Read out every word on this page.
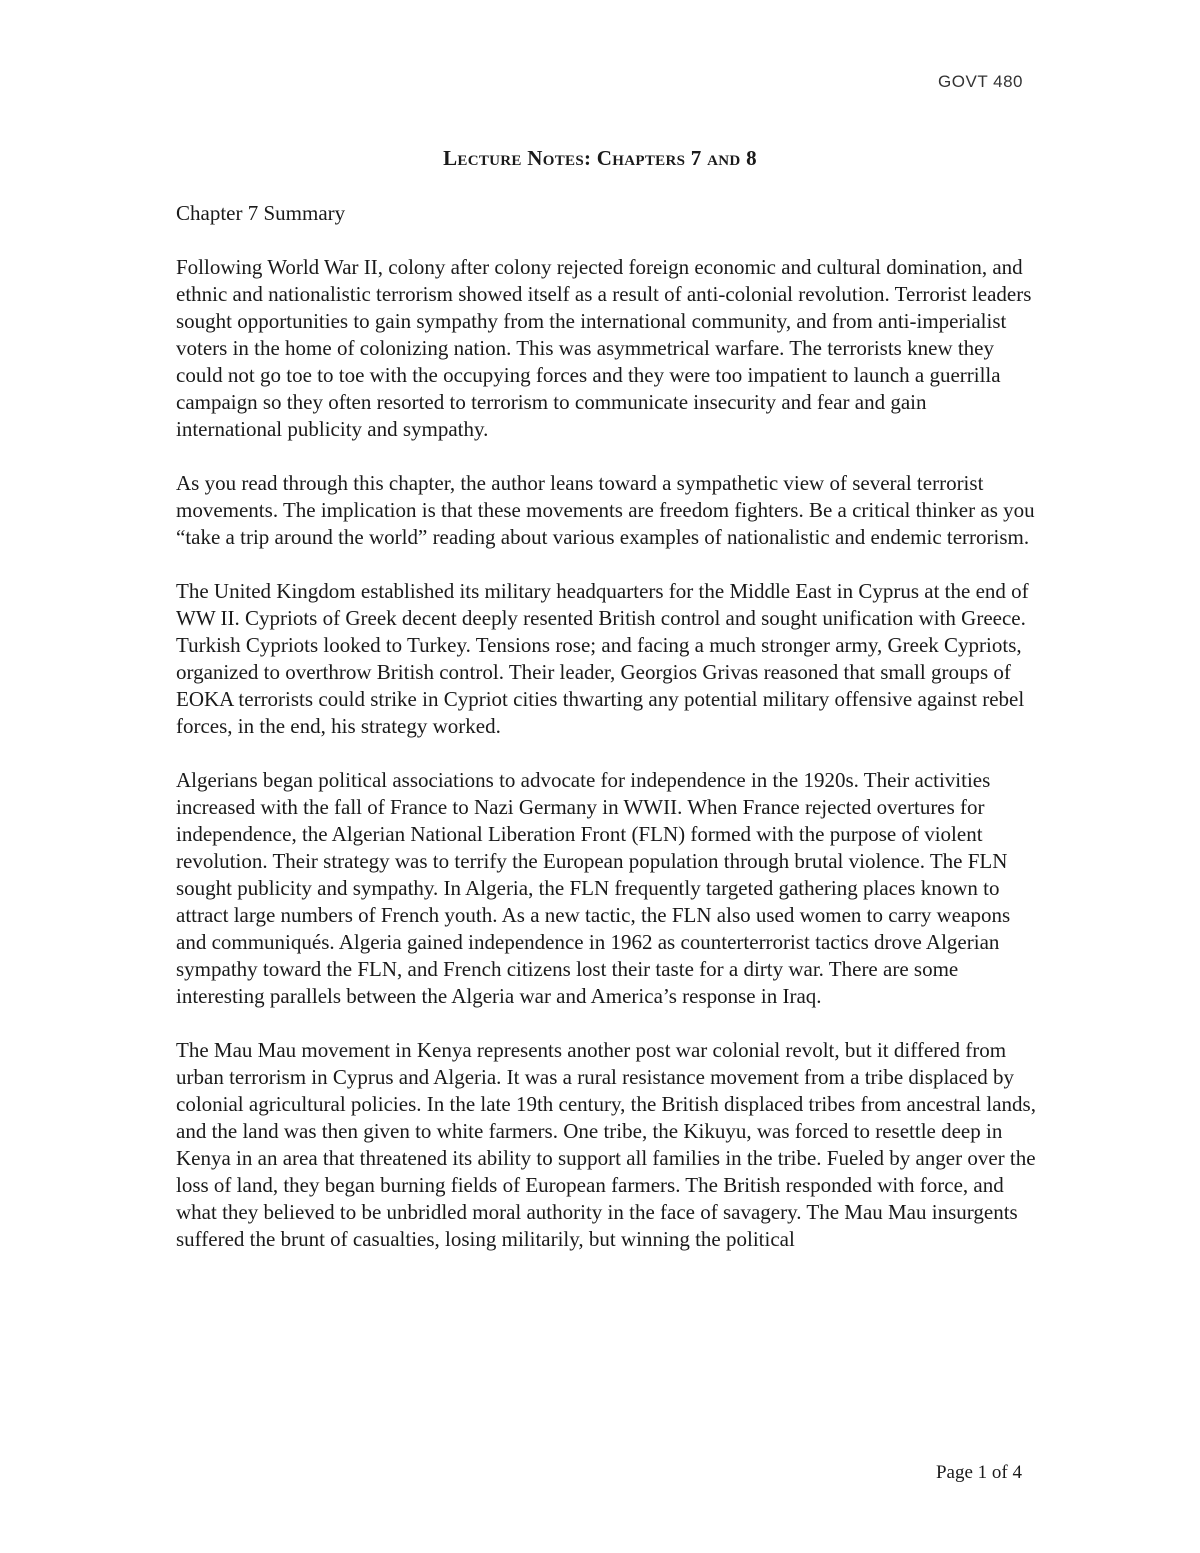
GOVT 480
Lecture Notes: Chapters 7 and 8

Chapter 7 Summary

Following World War II, colony after colony rejected foreign economic and cultural domination, and ethnic and nationalistic terrorism showed itself as a result of anti-colonial revolution. Terrorist leaders sought opportunities to gain sympathy from the international community, and from anti-imperialist voters in the home of colonizing nation. This was asymmetrical warfare. The terrorists knew they could not go toe to toe with the occupying forces and they were too impatient to launch a guerrilla campaign so they often resorted to terrorism to communicate insecurity and fear and gain international publicity and sympathy.

As you read through this chapter, the author leans toward a sympathetic view of several terrorist movements. The implication is that these movements are freedom fighters. Be a critical thinker as you “take a trip around the world” reading about various examples of nationalistic and endemic terrorism.

The United Kingdom established its military headquarters for the Middle East in Cyprus at the end of WW II. Cypriots of Greek decent deeply resented British control and sought unification with Greece. Turkish Cypriots looked to Turkey. Tensions rose; and facing a much stronger army, Greek Cypriots, organized to overthrow British control. Their leader, Georgios Grivas reasoned that small groups of EOKA terrorists could strike in Cypriot cities thwarting any potential military offensive against rebel forces, in the end, his strategy worked.

Algerians began political associations to advocate for independence in the 1920s. Their activities increased with the fall of France to Nazi Germany in WWII. When France rejected overtures for independence, the Algerian National Liberation Front (FLN) formed with the purpose of violent revolution. Their strategy was to terrify the European population through brutal violence. The FLN sought publicity and sympathy. In Algeria, the FLN frequently targeted gathering places known to attract large numbers of French youth. As a new tactic, the FLN also used women to carry weapons and communiqués. Algeria gained independence in 1962 as counterterrorist tactics drove Algerian sympathy toward the FLN, and French citizens lost their taste for a dirty war. There are some interesting parallels between the Algeria war and America’s response in Iraq.

The Mau Mau movement in Kenya represents another post war colonial revolt, but it differed from urban terrorism in Cyprus and Algeria. It was a rural resistance movement from a tribe displaced by colonial agricultural policies. In the late 19th century, the British displaced tribes from ancestral lands, and the land was then given to white farmers. One tribe, the Kikuyu, was forced to resettle deep in Kenya in an area that threatened its ability to support all families in the tribe. Fueled by anger over the loss of land, they began burning fields of European farmers. The British responded with force, and what they believed to be unbridled moral authority in the face of savagery. The Mau Mau insurgents suffered the brunt of casualties, losing militarily, but winning the political

Page 1 of 4
